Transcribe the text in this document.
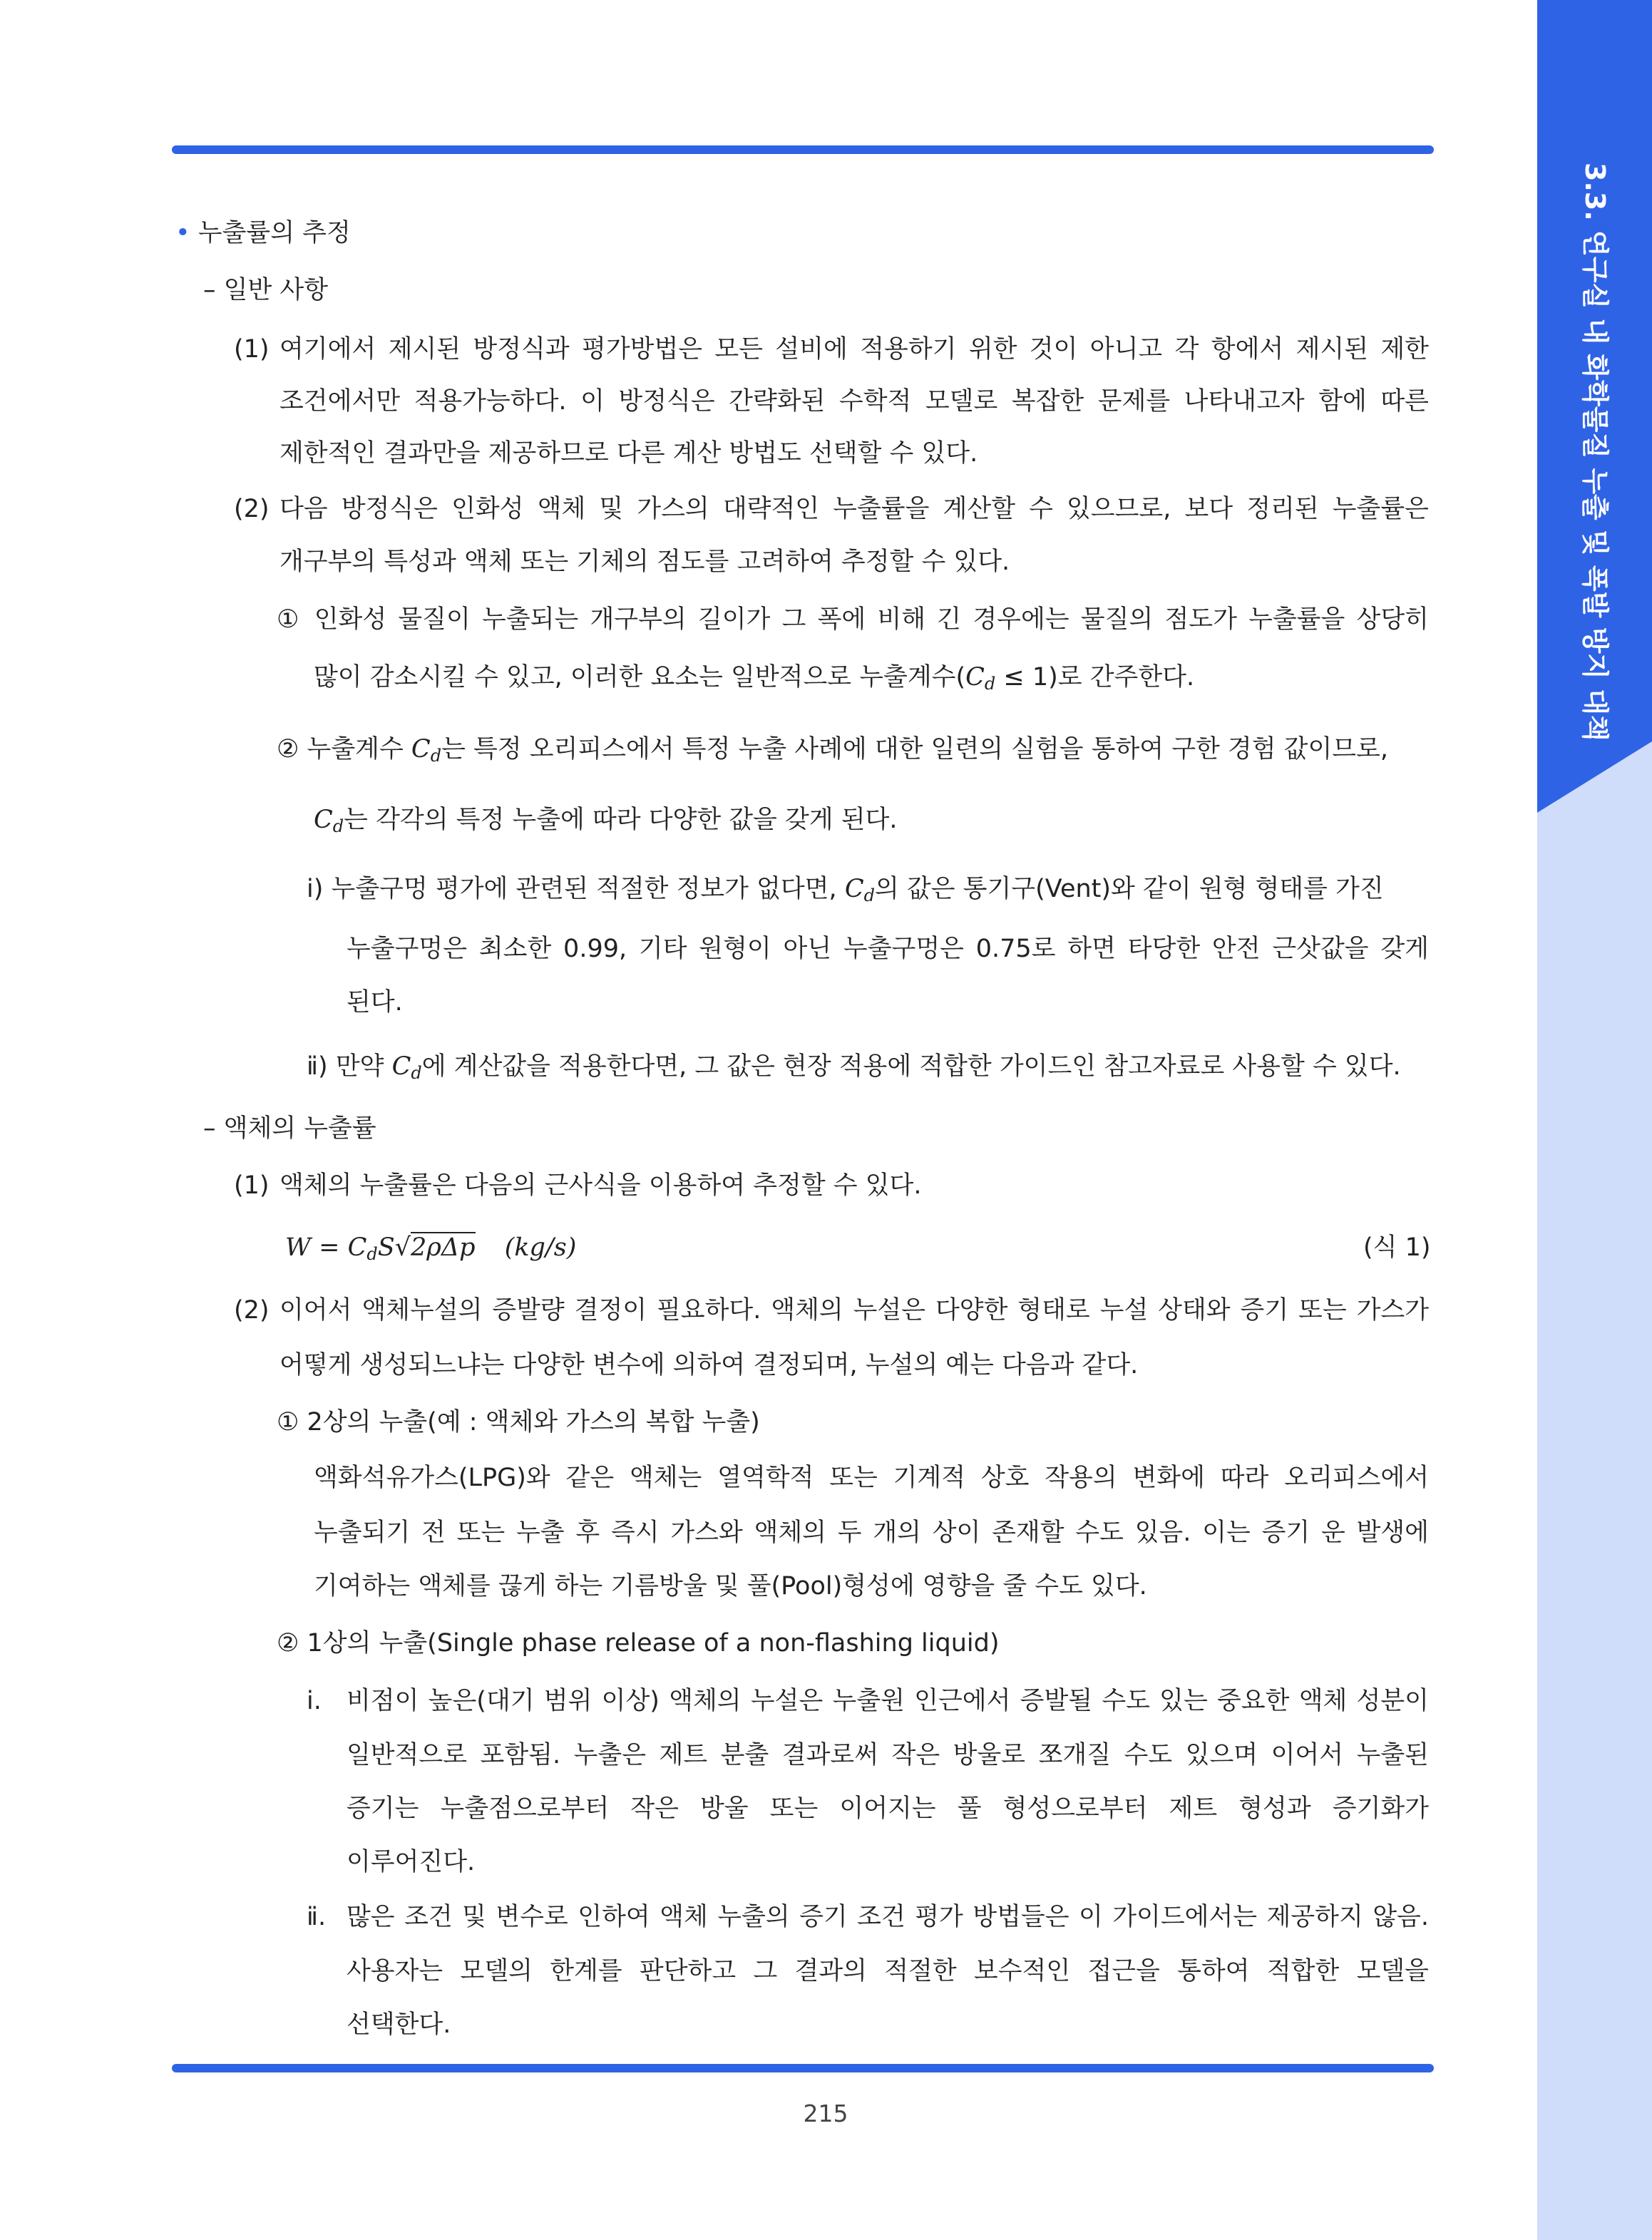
3.3. 연구실 내 화학물질 누출 및 폭발 방지 대책
• 누출률의 추정
– 일반 사항
(1) 여기에서 제시된 방정식과 평가방법은 모든 설비에 적용하기 위한 것이 아니고 각 항에서 제시된 제한
조건에서만 적용가능하다. 이 방정식은 간략화된 수학적 모델로 복잡한 문제를 나타내고자 함에 따른
제한적인 결과만을 제공하므로 다른 계산 방법도 선택할 수 있다.
(2) 다음 방정식은 인화성 액체 및 가스의 대략적인 누출률을 계산할 수 있으므로, 보다 정리된 누출률은
개구부의 특성과 액체 또는 기체의 점도를 고려하여 추정할 수 있다.
① 인화성 물질이 누출되는 개구부의 길이가 그 폭에 비해 긴 경우에는 물질의 점도가 누출률을 상당히
많이 감소시킬 수 있고, 이러한 요소는 일반적으로 누출계수$(C_d \le 1)$로 간주한다.
② 누출계수 $C_d$는 특정 오리피스에서 특정 누출 사례에 대한 일련의 실험을 통하여 구한 경험 값이므로,
$C_d$는 각각의 특정 누출에 따라 다양한 값을 갖게 된다.
ⅰ) 누출구멍 평가에 관련된 적절한 정보가 없다면, $C_d$의 값은 통기구(Vent)와 같이 원형 형태를 가진
누출구멍은 최소한 0.99, 기타 원형이 아닌 누출구멍은 0.75로 하면 타당한 안전 근삿값을 갖게
된다.
ⅱ) 만약 $C_d$에 계산값을 적용한다면, 그 값은 현장 적용에 적합한 가이드인 참고자료로 사용할 수 있다.
– 액체의 누출률
(1) 액체의 누출률은 다음의 근사식을 이용하여 추정할 수 있다.
$W = C_dS√2\rho\Delta p$ (kg/s)	(식 1)
(2) 이어서 액체누설의 증발량 결정이 필요하다. 액체의 누설은 다양한 형태로 누설 상태와 증기 또는 가스가
어떻게 생성되느냐는 다양한 변수에 의하여 결정되며, 누설의 예는 다음과 같다.
① 2상의 누출(예 : 액체와 가스의 복합 누출)
액화석유가스(LPG)와 같은 액체는 열역학적 또는 기계적 상호 작용의 변화에 따라 오리피스에서
누출되기 전 또는 누출 후 즉시 가스와 액체의 두 개의 상이 존재할 수도 있음. 이는 증기 운 발생에
기여하는 액체를 끊게 하는 기름방울 및 풀(Pool)형성에 영향을 줄 수도 있다.
② 1상의 누출(Single phase release of a non-flashing liquid)
ⅰ. 비점이 높은(대기 범위 이상) 액체의 누설은 누출원 인근에서 증발될 수도 있는 중요한 액체 성분이
일반적으로 포함됨. 누출은 제트 분출 결과로써 작은 방울로 쪼개질 수도 있으며 이어서 누출된
증기는 누출점으로부터 작은 방울 또는 이어지는 풀 형성으로부터 제트 형성과 증기화가
이루어진다.
ⅱ. 많은 조건 및 변수로 인하여 액체 누출의 증기 조건 평가 방법들은 이 가이드에서는 제공하지 않음.
사용자는 모델의 한계를 판단하고 그 결과의 적절한 보수적인 접근을 통하여 적합한 모델을
선택한다.
215
